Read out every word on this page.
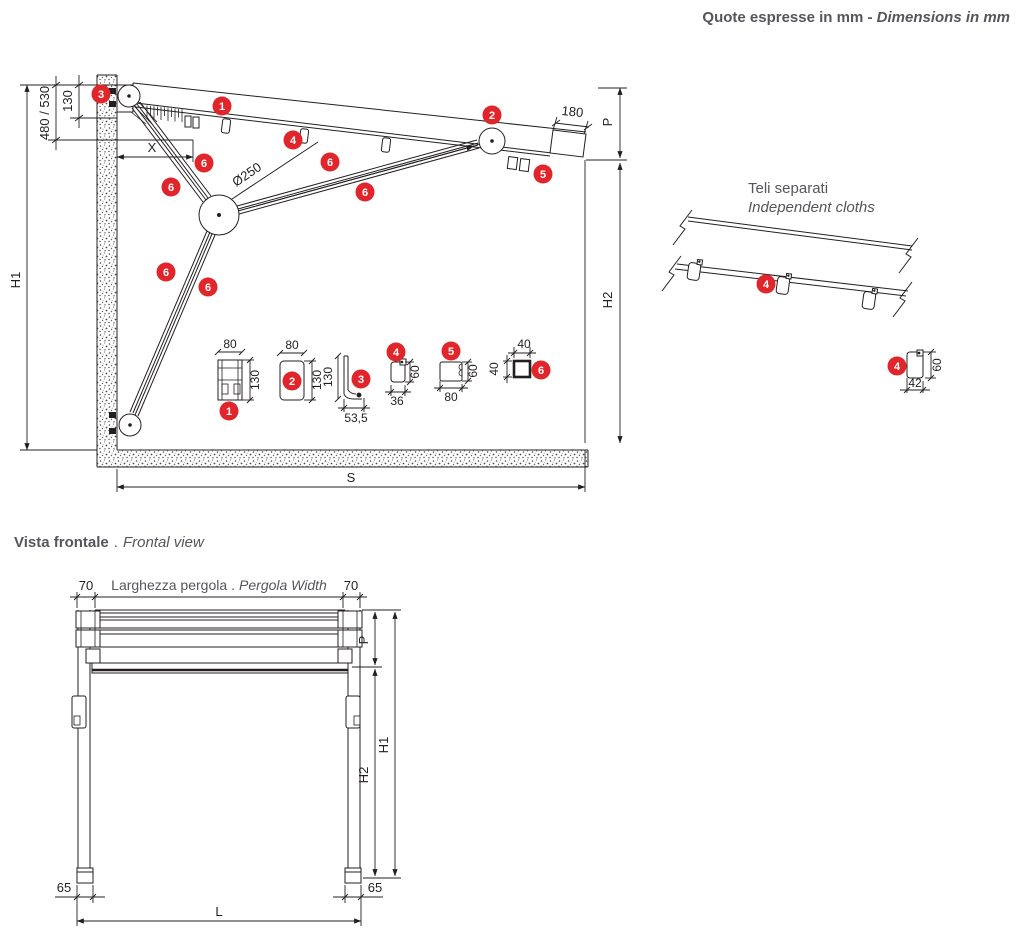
Quote espresse in mm - Dimensions in mm
Ø250
130
480 / 530
X
H1
P
H2
S
180
80
130
80
130
130
53,5
60
36
60
80
40
40
Teli separati
Independent cloths
60
42
Vista frontale . Frontal view
70	70
Larghezza pergola . Pergola Width
P
H2
H1
65	65
L
1
2
3
4
5
6
6
6
6
6
6
1
2	3
4	5
6
4
4
